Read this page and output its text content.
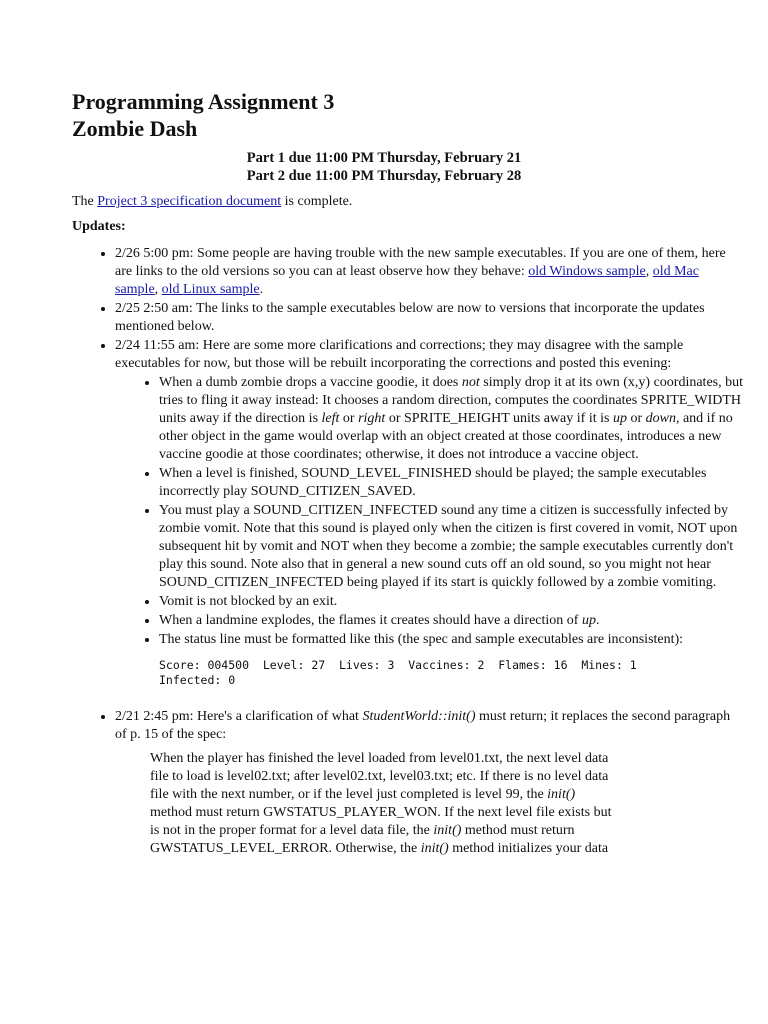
Programming Assignment 3
Zombie Dash
Part 1 due 11:00 PM Thursday, February 21
Part 2 due 11:00 PM Thursday, February 28
The Project 3 specification document is complete.
Updates:
• 2/26 5:00 pm: Some people are having trouble with the new sample executables. If you are one of them, here are links to the old versions so you can at least observe how they behave: old Windows sample, old Mac sample, old Linux sample.
• 2/25 2:50 am: The links to the sample executables below are now to versions that incorporate the updates mentioned below.
• 2/24 11:55 am: Here are some more clarifications and corrections; they may disagree with the sample executables for now, but those will be rebuilt incorporating the corrections and posted this evening:
• When a dumb zombie drops a vaccine goodie, it does not simply drop it at its own (x,y) coordinates, but tries to fling it away instead: It chooses a random direction, computes the coordinates SPRITE_WIDTH units away if the direction is left or right or SPRITE_HEIGHT units away if it is up or down, and if no other object in the game would overlap with an object created at those coordinates, introduces a new vaccine goodie at those coordinates; otherwise, it does not introduce a vaccine object.
• When a level is finished, SOUND_LEVEL_FINISHED should be played; the sample executables incorrectly play SOUND_CITIZEN_SAVED.
• You must play a SOUND_CITIZEN_INFECTED sound any time a citizen is successfully infected by zombie vomit. Note that this sound is played only when the citizen is first covered in vomit, NOT upon subsequent hit by vomit and NOT when they become a zombie; the sample executables currently don't play this sound. Note also that in general a new sound cuts off an old sound, so you might not hear SOUND_CITIZEN_INFECTED being played if its start is quickly followed by a zombie vomiting.
• Vomit is not blocked by an exit.
• When a landmine explodes, the flames it creates should have a direction of up.
• The status line must be formatted like this (the spec and sample executables are inconsistent):
Score: 004500  Level: 27  Lives: 3  Vaccines: 2  Flames: 16  Mines: 1
Infected: 0
• 2/21 2:45 pm: Here's a clarification of what StudentWorld::init() must return; it replaces the second paragraph of p. 15 of the spec:
When the player has finished the level loaded from level01.txt, the next level data file to load is level02.txt; after level02.txt, level03.txt; etc. If there is no level data file with the next number, or if the level just completed is level 99, the init() method must return GWSTATUS_PLAYER_WON. If the next level file exists but is not in the proper format for a level data file, the init() method must return GWSTATUS_LEVEL_ERROR. Otherwise, the init() method initializes your data
